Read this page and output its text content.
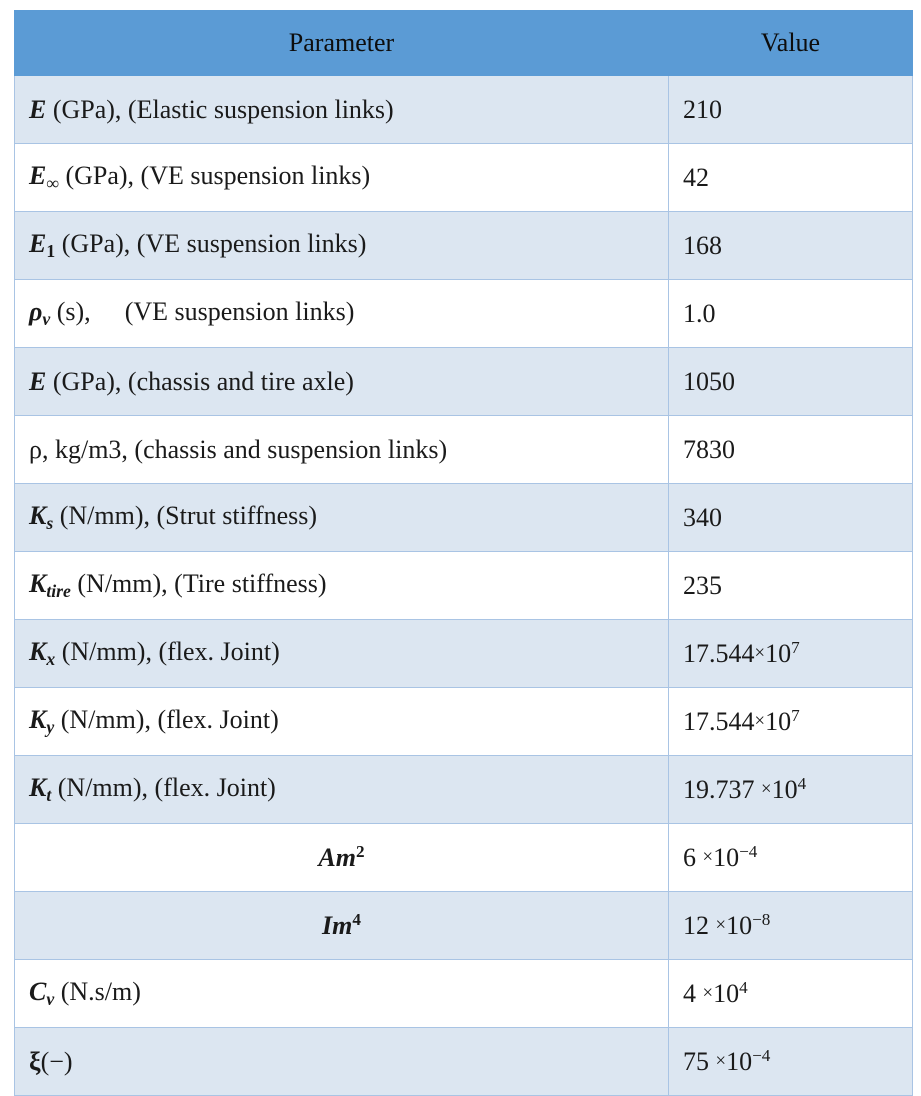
Parameter	Value
E (GPa), (Elastic suspension links)	210
E∞ (GPa), (VE suspension links)	42
E1 (GPa), (VE suspension links)	168
$\rho_v$ (s), (VE suspension links)	1.0
E (GPa), (chassis and tire axle)	1050
ρ, kg/m3, (chassis and suspension links)	7830
$K_s$ (N/mm), (Strut stiffness)	340
$K_{tire}$ (N/mm), (Tire stiffness)	235
$K_x$ (N/mm), (flex. Joint)	$17.544\times 10^7$
$K_y$ (N/mm), (flex. Joint)	$17.544\times 10^7$
$K_t$ (N/mm), (flex. Joint)	$19.737 \times 10^4$
Am$^2$	$6 \times 10^{-4}$
Im$^4$	$12 \times 10^{-8}$
$C_v$ (N.s/m)	$4 \times 10^4$
ξ(−)	$75 \times 10^{-4}$
